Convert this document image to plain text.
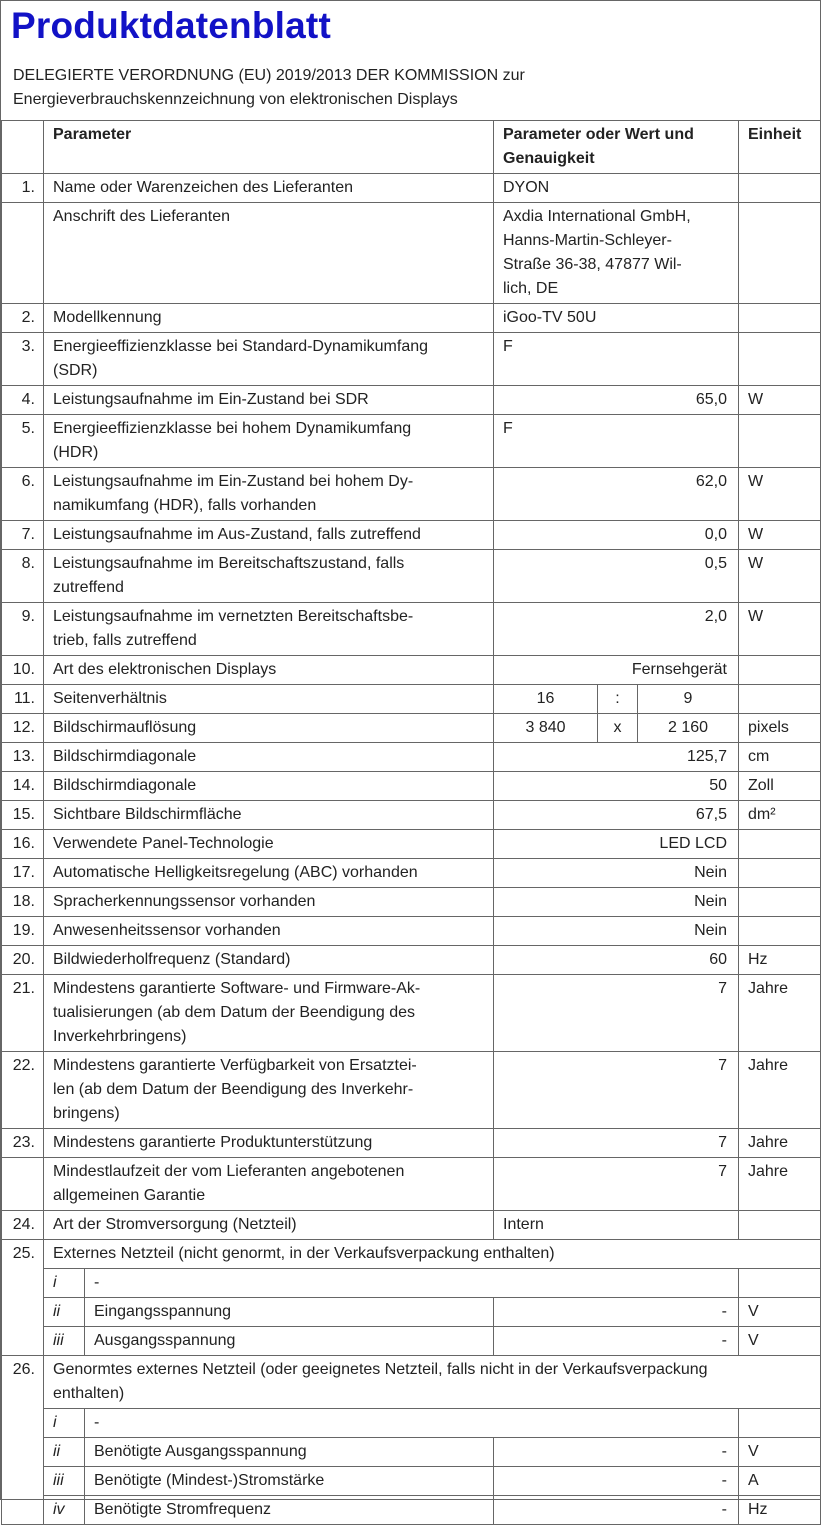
Produktdatenblatt
DELEGIERTE VERORDNUNG (EU) 2019/2013 DER KOMMISSION zur
Energieverbrauchskennzeichnung von elektronischen Displays
	Parameter		Parameter oder Wert und
Genauigkeit			Einheit
1.	Name oder Warenzeichen des Lieferanten		DYON			

	Anschrift des Lieferanten		Axdia International GmbH,
Hanns-Martin-Schleyer-
Straße 36-38, 47877 Wil-
lich, DE			

2.	Modellkennung		iGoo-TV 50U			

3.	Energieeffizienzklasse bei Standard-Dynamikumfang
(SDR)		F			

4.	Leistungsaufnahme im Ein-Zustand bei SDR		65,0			W
5.	Energieeffizienzklasse bei hohem Dynamikumfang
(HDR)		F			

6.	Leistungsaufnahme im Ein-Zustand bei hohem Dy-
namikumfang (HDR), falls vorhanden		62,0			W
7.	Leistungsaufnahme im Aus-Zustand, falls zutreffend		0,0			W
8.	Leistungsaufnahme im Bereitschaftszustand, falls
zutreffend		0,5			W
9.	Leistungsaufnahme im vernetzten Bereitschaftsbe-
trieb, falls zutreffend		2,0			W
10.	Art des elektronischen Displays		Fernsehgerät			

11.	Seitenverhältnis		16	:	9	
12.	Bildschirmauflösung		3 840	x	2 160	pixels
13.	Bildschirmdiagonale		125,7			cm
14.	Bildschirmdiagonale		50			Zoll
15.	Sichtbare Bildschirmfläche		67,5			dm²
16.	Verwendete Panel-Technologie		LED LCD			

17.	Automatische Helligkeitsregelung (ABC) vorhanden		Nein			

18.	Spracherkennungssensor vorhanden		Nein			

19.	Anwesenheitssensor vorhanden		Nein			

20.	Bildwiederholfrequenz (Standard)		60			Hz
21.	Mindestens garantierte Software- und Firmware-Ak-
tualisierungen (ab dem Datum der Beendigung des
Inverkehrbringens)		7			Jahre
22.	Mindestens garantierte Verfügbarkeit von Ersatztei-
len (ab dem Datum der Beendigung des Inverkehr-
bringens)		7			Jahre
23.	Mindestens garantierte Produktunterstützung		7			Jahre

	Mindestlaufzeit der vom Lieferanten angebotenen
allgemeinen Garantie		7			Jahre
24.	Art der Stromversorgung (Netzteil)		Intern			

25.	Externes Netzteil (nicht genormt, in der Verkaufsverpackung enthalten)					
	i	-				
	ii	Eingangsspannung	-			V
	iii	Ausgangsspannung	-			V
26.	Genormtes externes Netzteil (oder geeignetes Netzteil, falls nicht in der Verkaufsverpackung
enthalten)					

	i	-				
	ii	Benötigte Ausgangsspannung	-			V
	iii	Benötigte (Mindest-)Stromstärke	-			A
	iv	Benötigte Stromfrequenz	-			Hz
